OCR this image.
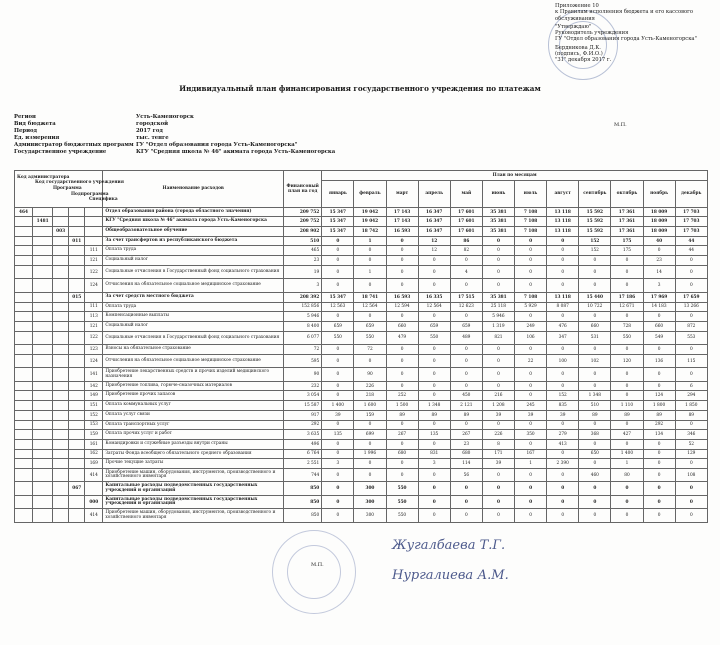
Приложение 10
к Правилам исполнения бюджета и его кассового
обслуживания
"Утверждаю"
Руководитель учреждения
ГУ "Отдел образования города Усть-Каменогорска"
Бердникова Д.К.
(подпись, Ф.И.О.)
"31" декабря 2017 г.
Индивидуальный план финансирования государственного учреждения по платежам
Регион	Усть-Каменогорск
Вид бюджета	городской
Период	2017 год
Ед. измерения	тыс. тенге
Администратор бюджетных программ ГУ "Отдел образования города Усть-Каменогорска"
Государственное учреждение	КГУ "Средняя школа № 46" акимата города Усть-Каменогорска
М.П.
Код администратора
Код государственного учреждения
Программа
Подпрограмма
Специфика					Наименование расходов	Финансовый план на год	План по месяцам											
							январь	февраль	март	апрель	май	июнь	июль	август	сентябрь	октябрь	ноябрь	декабрь
464					Отдел образования района (города областного значения)	209 752	15 347	19 042	17 143	16 347	17 601	35 381	7 108	13 118	15 592	17 361	18 009	17 703
	1481				КГУ "Средняя школа № 46" акимата города Усть-Каменогорска	209 752	15 347	19 042	17 143	16 347	17 601	35 381	7 108	13 118	15 592	17 361	18 009	17 703
		003			Общеобразовательное обучение	208 902	15 347	18 742	16 593	16 347	17 601	35 381	7 108	13 118	15 592	17 361	18 009	17 703
			011		За счет трансфертов из республиканского бюджета	510	0	1	0	12	86	0	0	0	152	175	40	44
				111	Оплата труда	465	0	0	0	12	82	0	0	0	152	175	0	44
				121	Социальный налог	23	0	0	0	0	0	0	0	0	0	0	23	0
				122	Социальные отчисления в Государственный фонд социального страхования	19	0	1	0	0	4	0	0	0	0	0	14	0
				124	Отчисления на обязательное социальное медицинское страхование	3	0	0	0	0	0	0	0	0	0	0	3	0
			015		За счет средств местного бюджета	208 392	15 347	18 741	16 593	16 335	17 515	35 381	7 108	13 118	15 440	17 186	17 969	17 659
				111	Оплата труда	152 856	12 563	12 564	12 594	12 564	12 623	25 118	5 929	8 087	10 722	12 671	14 183	13 266
				113	Компенсационные выплаты	5 946	0	0	0	0	0	5 946	0	0	0	0	0	0
				121	Социальный налог	8 400	659	659	660	659	659	1 319	249	476	660	728	660	872
				122	Социальные отчисления в Государственный фонд социального страхования	6 077	550	550	479	550	489	821	106	347	531	550	549	553
				123	Взносы на обязательное страхование	72	0	72	0	0	0	0	0	0	0	0	0	0
				124	Отчисления на обязательное социальное медицинское страхование	595	0	0	0	0	0	0	22	100	102	120	136	115
				141	Приобретение лекарственных средств и прочих изделий медицинского назначения	90	0	90	0	0	0	0	0	0	0	0	0	0
				142	Приобретение топлива, горюче-смазочных материалов	232	0	226	0	0	0	0	0	0	0	0	0	6
				149	Приобретение прочих запасов	3 054	0	218	252	0	450	216	0	152	1 348	0	124	294
				151	Оплата коммунальных услуг	15 587	1 400	1 600	1 500	1 348	2 121	1 208	245	835	510	1 110	1 800	1 850
				152	Оплата услуг связи	917	39	159	89	89	89	39	39	39	89	89	89	89
				153	Оплата транспортных услуг	292	0	0	0	0	0	0	0	0	0	0	292	0
				159	Оплата прочих услуг и работ	3 635	135	699	267	135	267	226	350	279	368	427	134	346
				161	Командировки и служебные разъезды внутри страны	496	0	0	0	0	23	8	0	413	0	0	0	52
				162	Затраты Фонда всеобщего обязательного среднего образования	6 764	0	1 996	680	831	680	171	167	0	650	1 400	0	129
				169	Прочие текущие затраты	2 551	3	0	0	3	114	39	1	2 390	0	1	0	0
				414	Приобретение машин, оборудования, инструментов, производственного и хозяйственного инвентаря	744	0	0	0	0	56	0	0	0	460	80	0	108
			067		Капитальные расходы подведомственных государственных учреждений и организаций	850	0	300	550	0	0	0	0	0	0	0	0	0
				000	Капитальные расходы подведомственных государственных учреждений и организаций	850	0	300	550	0	0	0	0	0	0	0	0	0
				414	Приобретение машин, оборудования, инструментов, производственного и хозяйственного инвентаря	850	0	300	550	0	0	0	0	0	0	0	0	0
М.П.
Жугалбаева Т.Г.
Нургалиева А.М.
